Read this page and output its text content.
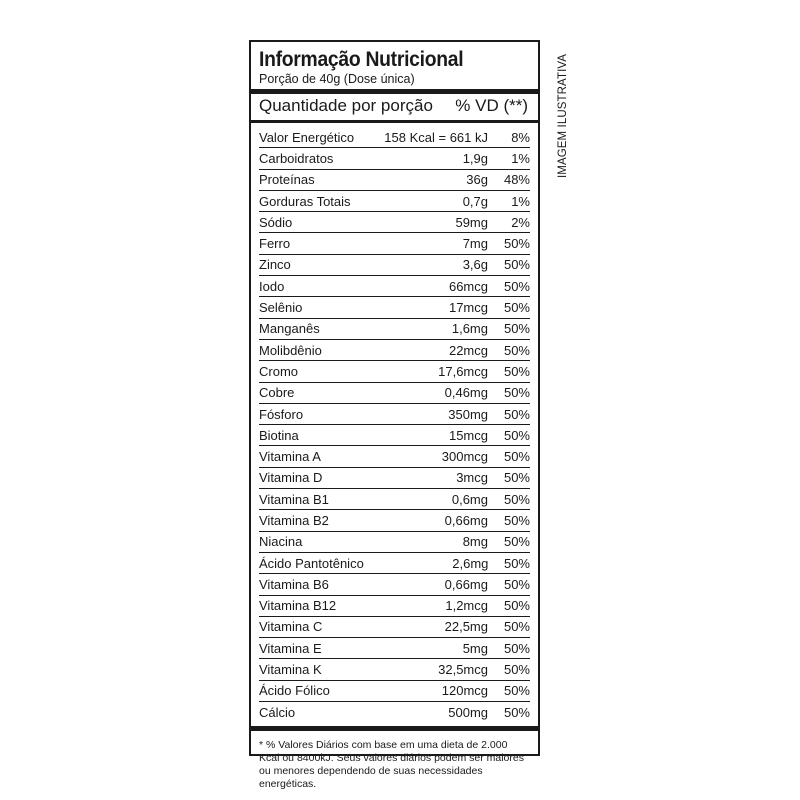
Informação Nutricional
Porção de 40g (Dose única)
Quantidade por porção % VD (**)
Valor Energético	158 Kcal = 661 kJ	8%
Carboidratos	1,9g	1%
Proteínas	36g	48%
Gorduras Totais	0,7g	1%
Sódio	59mg	2%
Ferro	7mg	50%
Zinco	3,6g	50%
Iodo	66mcg	50%
Selênio	17mcg	50%
Manganês	1,6mg	50%
Molibdênio	22mcg	50%
Cromo	17,6mcg	50%
Cobre	0,46mg	50%
Fósforo	350mg	50%
Biotina	15mcg	50%
Vitamina A	300mcg	50%
Vitamina D	3mcg	50%
Vitamina B1	0,6mg	50%
Vitamina B2	0,66mg	50%
Niacina	8mg	50%
Ácido Pantotênico	2,6mg	50%
Vitamina B6	0,66mg	50%
Vitamina B12	1,2mcg	50%
Vitamina C	22,5mg	50%
Vitamina E	5mg	50%
Vitamina K	32,5mcg	50%
Ácido Fólico	120mcg	50%
Cálcio	500mg	50%
* % Valores Diários com base em uma dieta de 2.000 Kcal ou 8400kJ. Seus valores diários podem ser maiores ou menores dependendo de suas necessidades energéticas.
IMAGEM ILUSTRATIVA
